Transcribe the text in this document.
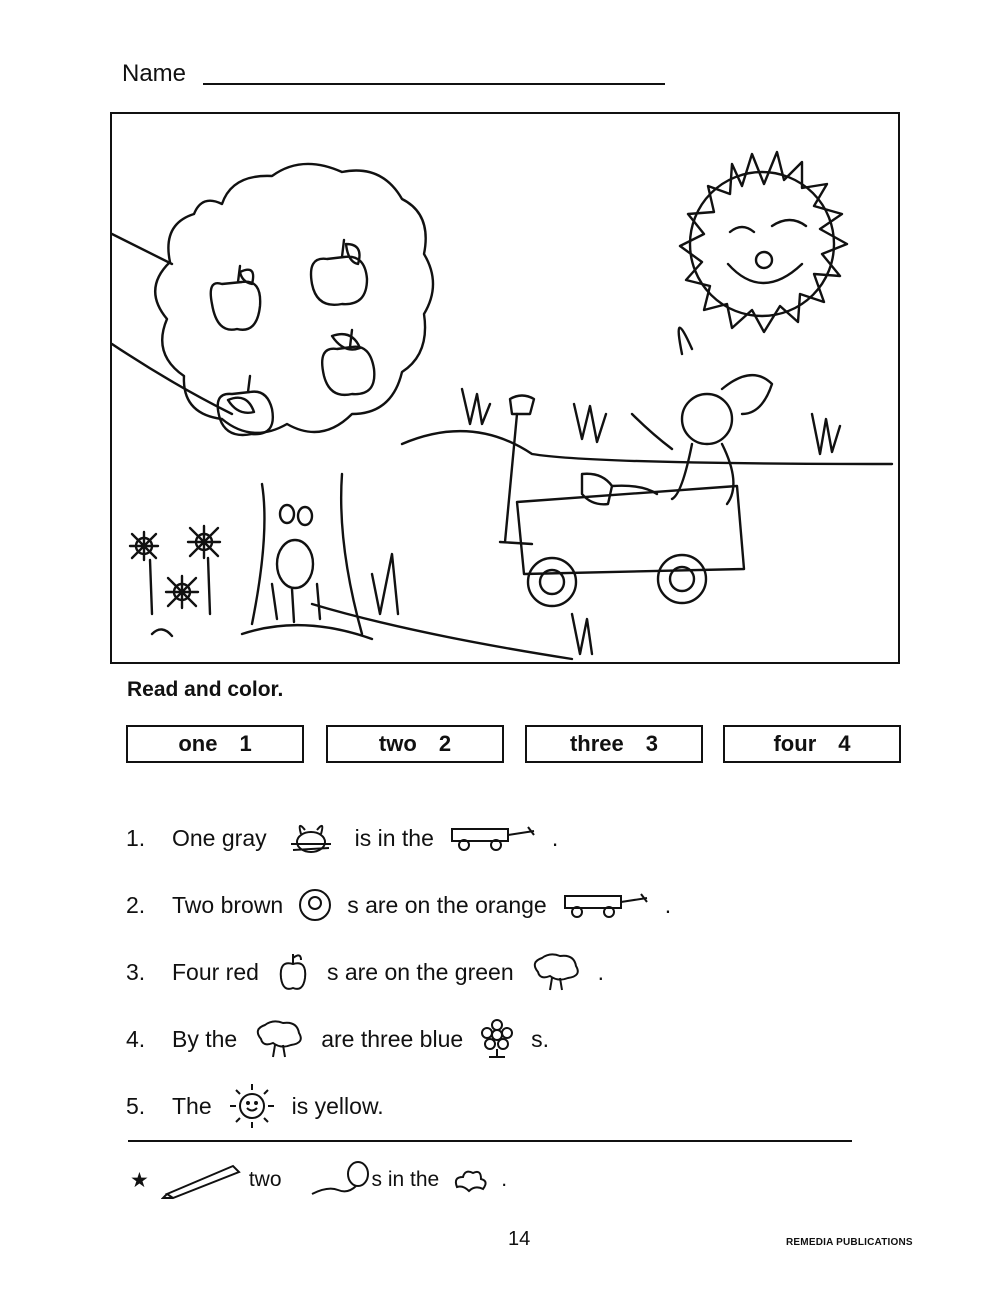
Name
Read and color.
one 1	two 2	three 3	four 4
1.	One gray	is in the	.
2.	Two brown	s are on the orange	.
3.	Four red	s are on the green	.
4.	By the	are three blue	s.
5.	The	is yellow.
★	two	s in the	.
14	REMEDIA PUBLICATIONS
